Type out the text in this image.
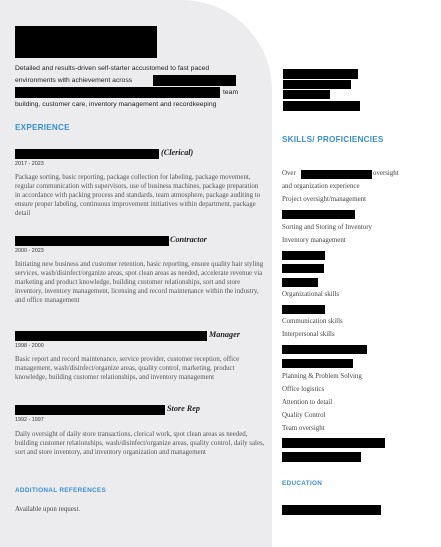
Detailed and results-driven self-starter accustomed to fast paced
environments with achievement across
team
building, customer care, inventory management and recordkeeping
EXPERIENCE
(Clerical)
2017 - 2023
Package sorting, basic reporting, package collection for labeling, package movement, regular communication with supervisors, use of business machines, package preparation in accordance with packing process and standards, team atmosphere, package auditing to ensure proper labeling, continuous improvement initiatives within department, package detail
Contractor
2000 - 2023
Initiating new business and customer retention, basic reporting, ensure quality hair styling services, wash/disinfect/organize areas, spot clean areas as needed, accelerate revenue via marketing and product knowledge, building customer relationships, sort and store inventory, inventory management, licensing and record maintenance within the industry, and office management
Manager
1998 - 2000
Basic report and record maintenance, service provider, customer reception, office management, wash/disinfect/organize areas, quality control, marketing, product knowledge, building customer relationships, and inventory management
Store Rep
1992 - 1997
Daily oversight of daily store transactions, clerical work, spot clean areas as needed, building customer relationships, wash/disinfect/organize areas, quality control, daily sales, sort and store inventory, and inventory organization and management
ADDITIONAL REFERENCES
Available upon request.
SKILLS/ PROFICIENCIES
Over	oversight
and organization experience
Project oversight/management
Sorting and Storing of Inventory
Inventory management
Organizational skills
Communication skills
Interpersonal skills
Planning & Problem Solving
Office logistics
Attention to detail
Quality Control
Team oversight
EDUCATION
